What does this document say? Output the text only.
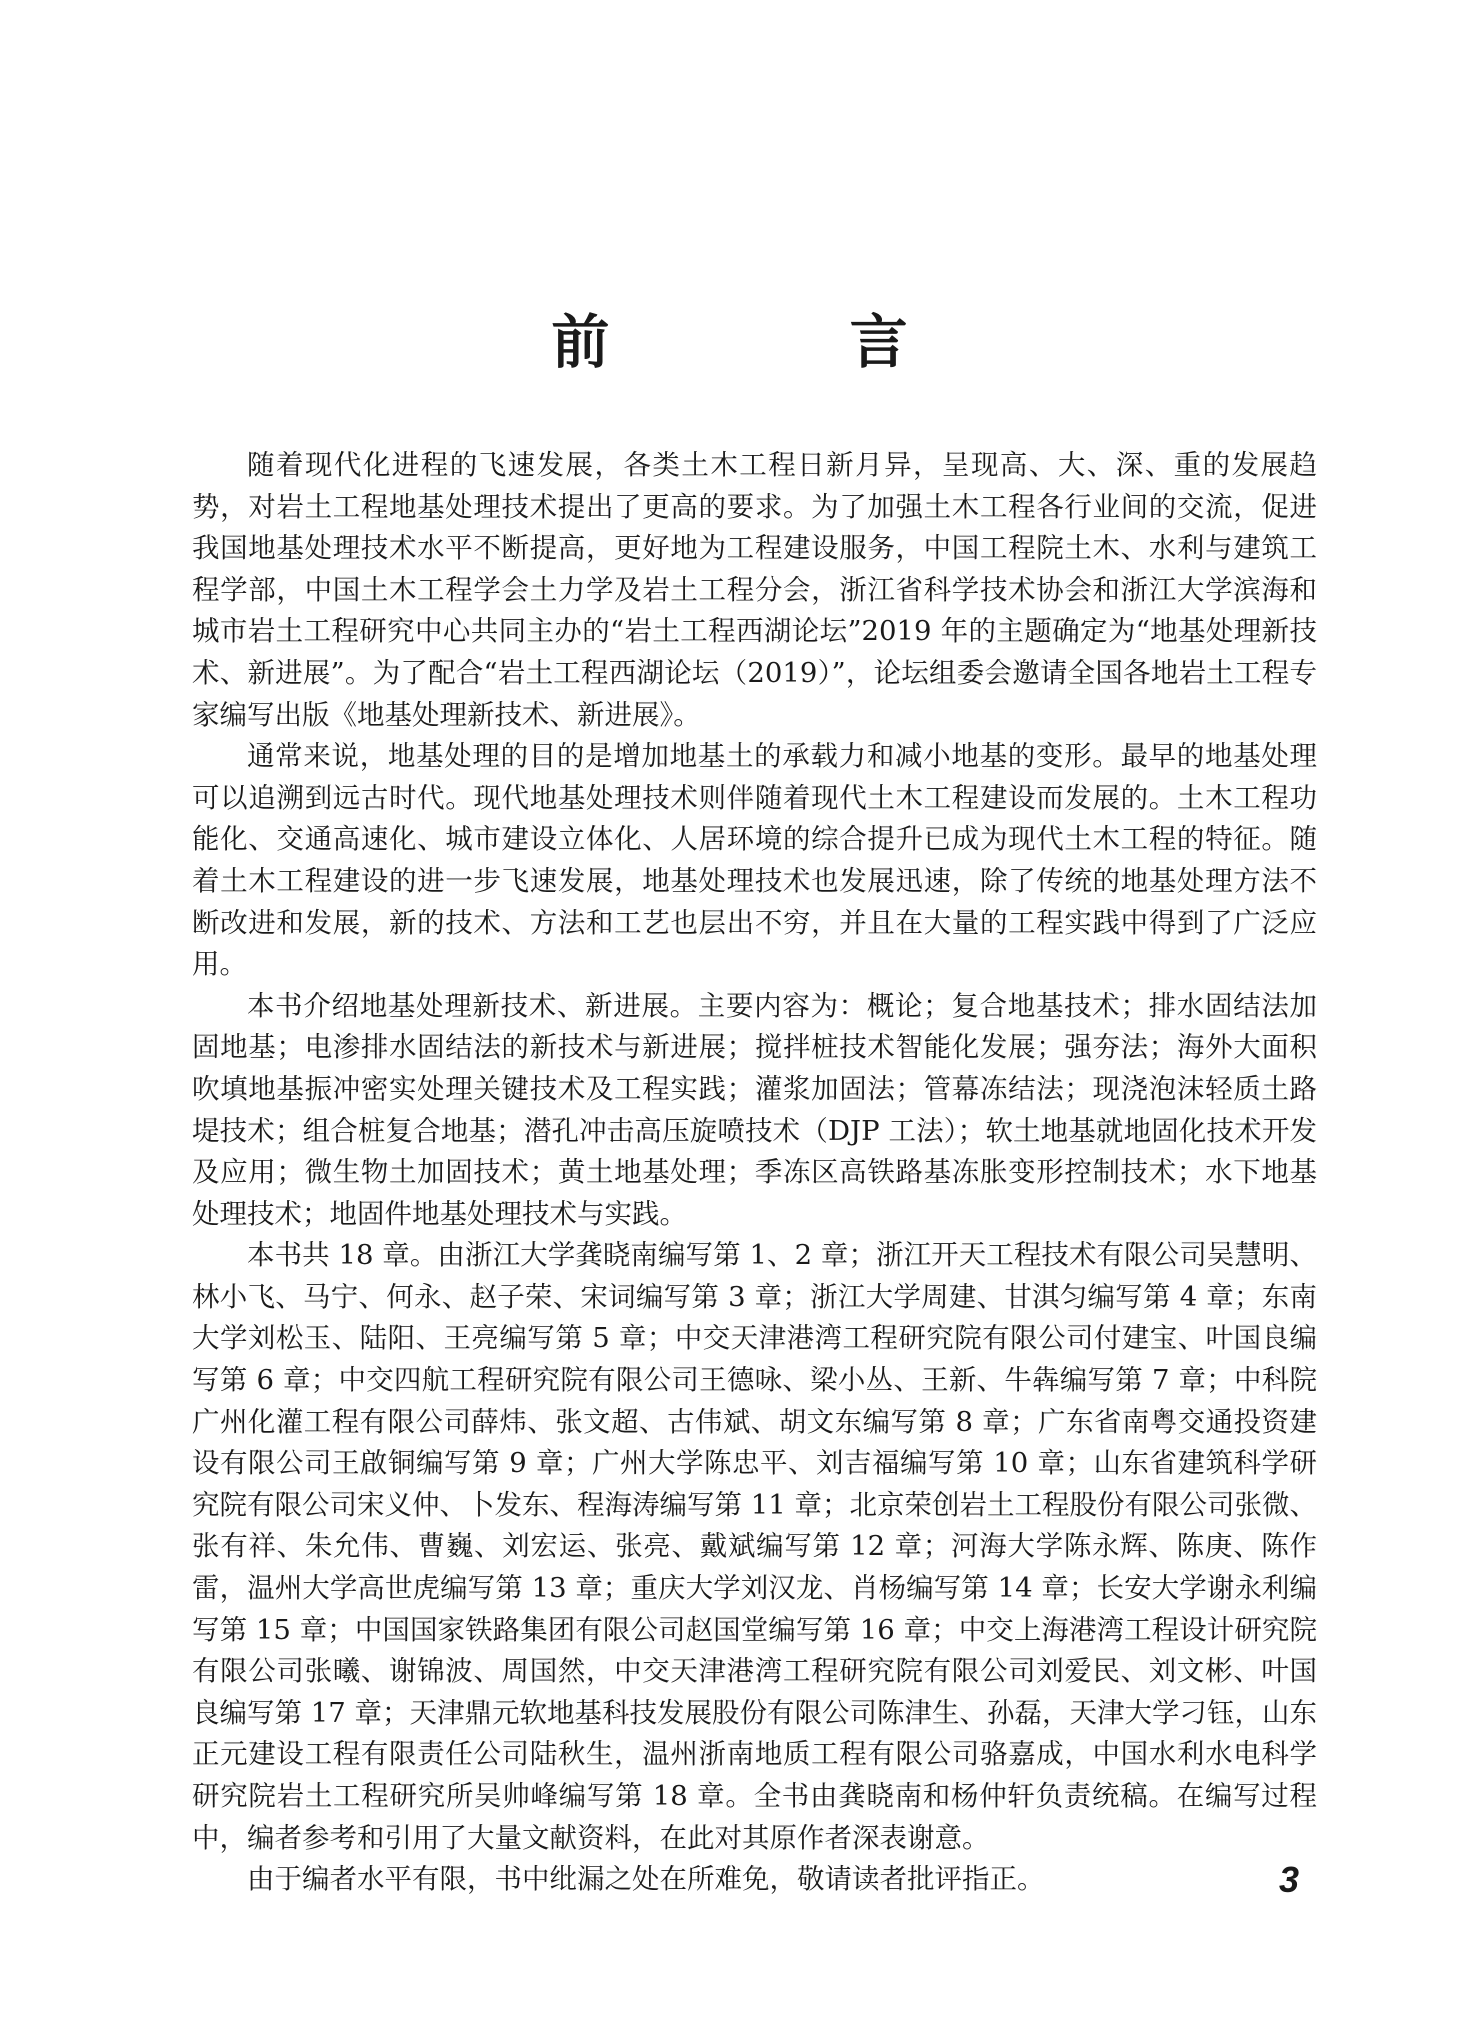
前 言

随着现代化进程的飞速发展，各类土木工程日新月异，呈现高、大、深、重的发展趋势，对岩土工程地基处理技术提出了更高的要求。为了加强土木工程各行业间的交流，促进我国地基处理技术水平不断提高，更好地为工程建设服务，中国工程院土木、水利与建筑工程学部，中国土木工程学会土力学及岩土工程分会，浙江省科学技术协会和浙江大学滨海和城市岩土工程研究中心共同主办的“岩土工程西湖论坛”2019 年的主题确定为“地基处理新技术、新进展”。为了配合“岩土工程西湖论坛（2019）”，论坛组委会邀请全国各地岩土工程专家编写出版《地基处理新技术、新进展》。

通常来说，地基处理的目的是增加地基土的承载力和减小地基的变形。最早的地基处理可以追溯到远古时代。现代地基处理技术则伴随着现代土木工程建设而发展的。土木工程功能化、交通高速化、城市建设立体化、人居环境的综合提升已成为现代土木工程的特征。随着土木工程建设的进一步飞速发展，地基处理技术也发展迅速，除了传统的地基处理方法不断改进和发展，新的技术、方法和工艺也层出不穷，并且在大量的工程实践中得到了广泛应用。

本书介绍地基处理新技术、新进展。主要内容为：概论；复合地基技术；排水固结法加固地基；电渗排水固结法的新技术与新进展；搅拌桩技术智能化发展；强夯法；海外大面积吹填地基振冲密实处理关键技术及工程实践；灌浆加固法；管幕冻结法；现浇泡沫轻质土路堤技术；组合桩复合地基；潜孔冲击高压旋喷技术（DJP 工法）；软土地基就地固化技术开发及应用；微生物土加固技术；黄土地基处理；季冻区高铁路基冻胀变形控制技术；水下地基处理技术；地固件地基处理技术与实践。

本书共 18 章。由浙江大学龚晓南编写第 1、2 章；浙江开天工程技术有限公司吴慧明、林小飞、马宁、何永、赵子荣、宋词编写第 3 章；浙江大学周建、甘淇匀编写第 4 章；东南大学刘松玉、陆阳、王亮编写第 5 章；中交天津港湾工程研究院有限公司付建宝、叶国良编写第 6 章；中交四航工程研究院有限公司王德咏、梁小丛、王新、牛犇编写第 7 章；中科院广州化灌工程有限公司薛炜、张文超、古伟斌、胡文东编写第 8 章；广东省南粤交通投资建设有限公司王啟铜编写第 9 章；广州大学陈忠平、刘吉福编写第 10 章；山东省建筑科学研究院有限公司宋义仲、卜发东、程海涛编写第 11 章；北京荣创岩土工程股份有限公司张微、张有祥、朱允伟、曹巍、刘宏运、张亮、戴斌编写第 12 章；河海大学陈永辉、陈庚、陈作雷，温州大学高世虎编写第 13 章；重庆大学刘汉龙、肖杨编写第 14 章；长安大学谢永利编写第 15 章；中国国家铁路集团有限公司赵国堂编写第 16 章；中交上海港湾工程设计研究院有限公司张曦、谢锦波、周国然，中交天津港湾工程研究院有限公司刘爱民、刘文彬、叶国良编写第 17 章；天津鼎元软地基科技发展股份有限公司陈津生、孙磊，天津大学刁钰，山东正元建设工程有限责任公司陆秋生，温州浙南地质工程有限公司骆嘉成，中国水利水电科学研究院岩土工程研究所吴帅峰编写第 18 章。全书由龚晓南和杨仲轩负责统稿。在编写过程中，编者参考和引用了大量文献资料，在此对其原作者深表谢意。

由于编者水平有限，书中纰漏之处在所难免，敬请读者批评指正。	3
